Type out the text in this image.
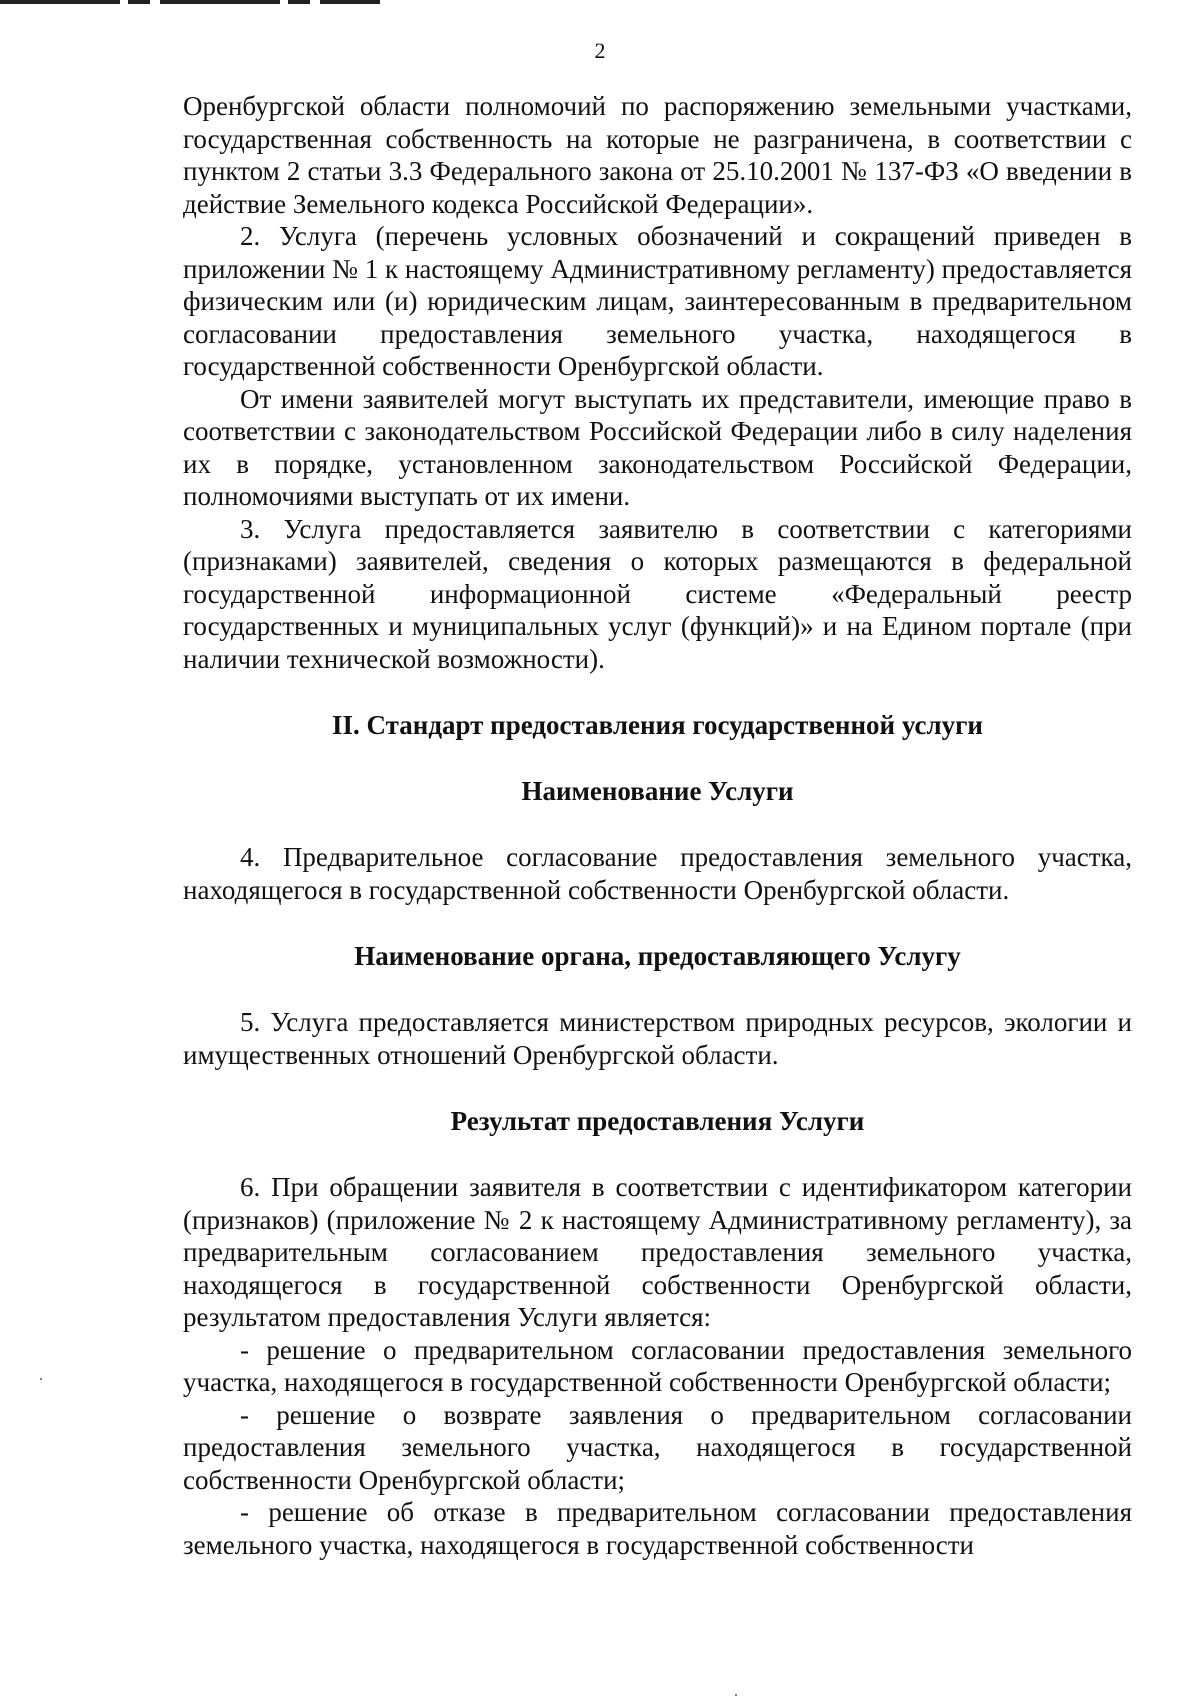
2

Оренбургской области полномочий по распоряжению земельными участками, государственная собственность на которые не разграничена, в соответствии с пунктом 2 статьи 3.3 Федерального закона от 25.10.2001 № 137-ФЗ «О введении в действие Земельного кодекса Российской Федерации».

2. Услуга (перечень условных обозначений и сокращений приведен в приложении № 1 к настоящему Административному регламенту) предоставляется физическим или (и) юридическим лицам, заинтересованным в предварительном согласовании предоставления земельного участка, находящегося в государственной собственности Оренбургской области.

От имени заявителей могут выступать их представители, имеющие право в соответствии с законодательством Российской Федерации либо в силу наделения их в порядке, установленном законодательством Российской Федерации, полномочиями выступать от их имени.

3. Услуга предоставляется заявителю в соответствии с категориями (признаками) заявителей, сведения о которых размещаются в федеральной государственной информационной системе «Федеральный реестр государственных и муниципальных услуг (функций)» и на Едином портале (при наличии технической возможности).

II. Стандарт предоставления государственной услуги
Наименование Услуги

4. Предварительное согласование предоставления земельного участка, находящегося в государственной собственности Оренбургской области.

Наименование органа, предоставляющего Услугу

5. Услуга предоставляется министерством природных ресурсов, экологии и имущественных отношений Оренбургской области.

Результат предоставления Услуги

6. При обращении заявителя в соответствии с идентификатором категории (признаков) (приложение № 2 к настоящему Административному регламенту), за предварительным согласованием предоставления земельного участка, находящегося в государственной собственности Оренбургской области, результатом предоставления Услуги является:

- решение о предварительном согласовании предоставления земельного участка, находящегося в государственной собственности Оренбургской области;

- решение о возврате заявления о предварительном согласовании предоставления земельного участка, находящегося в государственной собственности Оренбургской области;

- решение об отказе в предварительном согласовании предоставления земельного участка, находящегося в государственной собственности
